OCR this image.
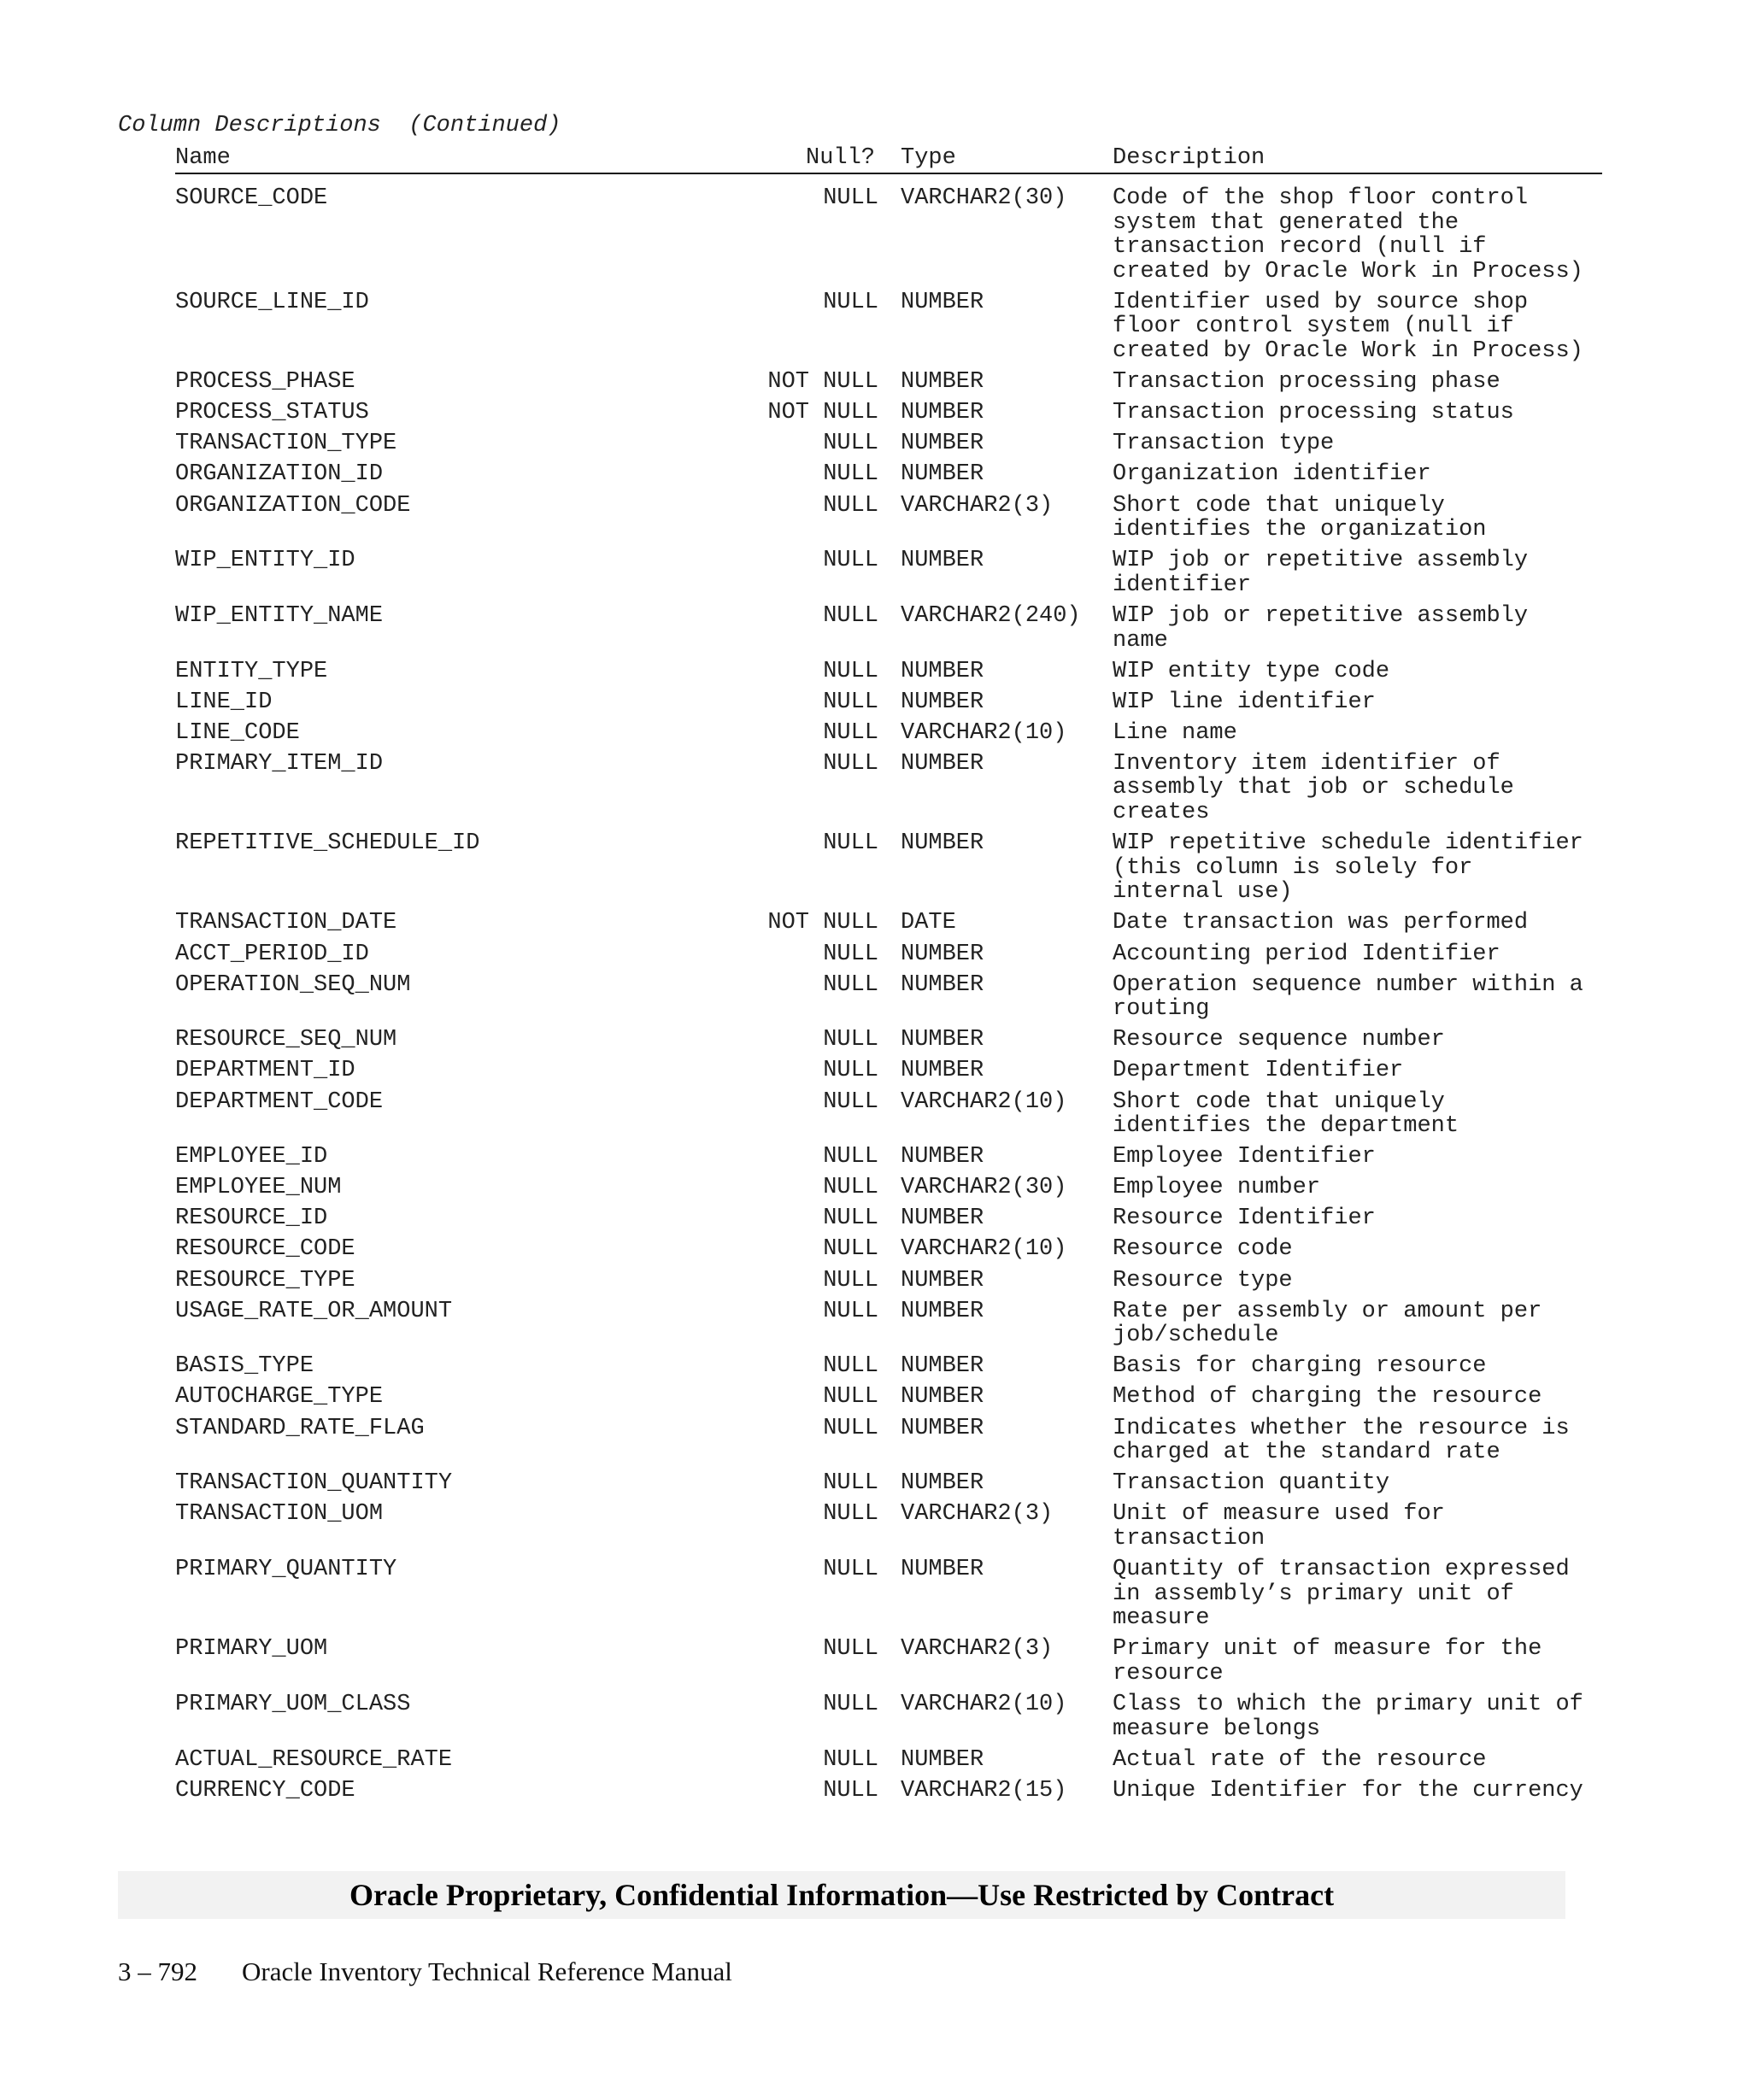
Column Descriptions  (Continued)
Name	Null? Type	Description
SOURCE_CODE	NULL VARCHAR2(30) Code of the shop floor control system that generated the transaction record (null if created by Oracle Work in Process)
SOURCE_LINE_ID	NULL NUMBER	Identifier used by source shop floor control system (null if created by Oracle Work in Process)
PROCESS_PHASE	NOT NULL NUMBER	Transaction processing phase
PROCESS_STATUS	NOT NULL NUMBER	Transaction processing status
TRANSACTION_TYPE	NULL NUMBER	Transaction type
ORGANIZATION_ID	NULL NUMBER	Organization identifier
ORGANIZATION_CODE	NULL VARCHAR2(3)	Short code that uniquely identifies the organization
WIP_ENTITY_ID	NULL NUMBER	WIP job or repetitive assembly identifier
WIP_ENTITY_NAME	NULL VARCHAR2(240) WIP job or repetitive assembly name
ENTITY_TYPE	NULL NUMBER	WIP entity type code
LINE_ID	NULL NUMBER	WIP line identifier
LINE_CODE	NULL VARCHAR2(10) Line name
PRIMARY_ITEM_ID	NULL NUMBER	Inventory item identifier of assembly that job or schedule creates
REPETITIVE_SCHEDULE_ID	NULL NUMBER	WIP repetitive schedule identifier (this column is solely for internal use)
TRANSACTION_DATE	NOT NULL DATE	Date transaction was performed
ACCT_PERIOD_ID	NULL NUMBER	Accounting period Identifier
OPERATION_SEQ_NUM	NULL NUMBER	Operation sequence number within a routing
RESOURCE_SEQ_NUM	NULL NUMBER	Resource sequence number
DEPARTMENT_ID	NULL NUMBER	Department Identifier
DEPARTMENT_CODE	NULL VARCHAR2(10) Short code that uniquely identifies the department
EMPLOYEE_ID	NULL NUMBER	Employee Identifier
EMPLOYEE_NUM	NULL VARCHAR2(30) Employee number
RESOURCE_ID	NULL NUMBER	Resource Identifier
RESOURCE_CODE	NULL VARCHAR2(10) Resource code
RESOURCE_TYPE	NULL NUMBER	Resource type
USAGE_RATE_OR_AMOUNT	NULL NUMBER	Rate per assembly or amount per job/schedule
BASIS_TYPE	NULL NUMBER	Basis for charging resource
AUTOCHARGE_TYPE	NULL NUMBER	Method of charging the resource
STANDARD_RATE_FLAG	NULL NUMBER	Indicates whether the resource is charged at the standard rate
TRANSACTION_QUANTITY	NULL NUMBER	Transaction quantity
TRANSACTION_UOM	NULL VARCHAR2(3)	Unit of measure used for transaction
PRIMARY_QUANTITY	NULL NUMBER	Quantity of transaction expressed in assembly’s primary unit of measure
PRIMARY_UOM	NULL VARCHAR2(3)	Primary unit of measure for the resource
PRIMARY_UOM_CLASS	NULL VARCHAR2(10) Class to which the primary unit of measure belongs
ACTUAL_RESOURCE_RATE	NULL NUMBER	Actual rate of the resource
CURRENCY_CODE	NULL VARCHAR2(15) Unique Identifier for the currency
Oracle Proprietary, Confidential Information––Use Restricted by Contract
3 – 792 Oracle Inventory Technical Reference Manual
